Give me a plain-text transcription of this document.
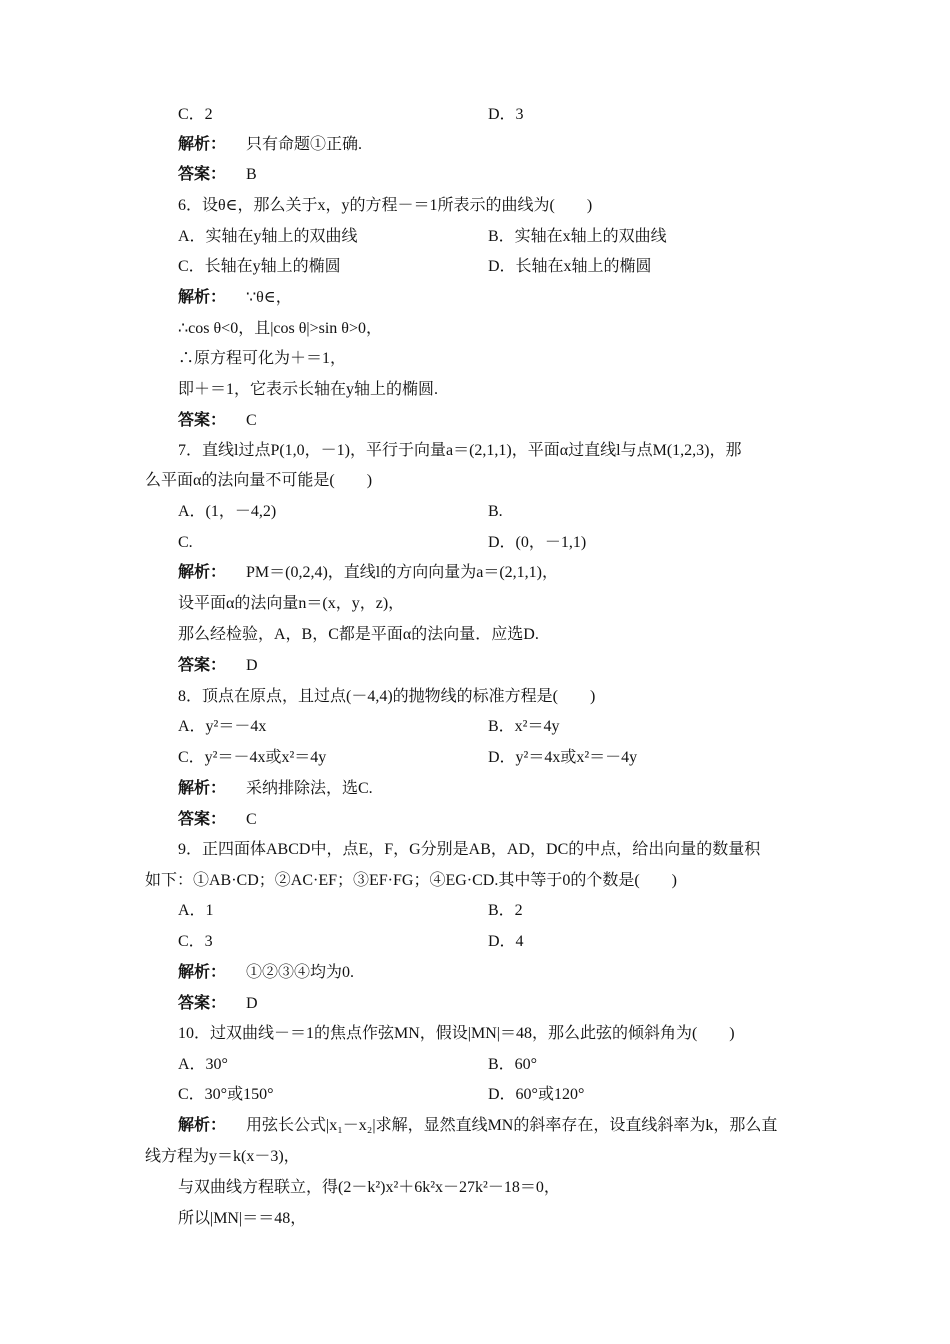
C．2	D．3
解析： 只有命题①正确.
答案： B
6．设θ∈，那么关于x，y的方程－＝1所表示的曲线为(　　)
A．实轴在y轴上的双曲线	B．实轴在x轴上的双曲线
C．长轴在y轴上的椭圆	D．长轴在x轴上的椭圆
解析： ∵θ∈，
∴cos θ<0，且|cos θ|>sin θ>0，
∴原方程可化为＋＝1，
即＋＝1，它表示长轴在y轴上的椭圆.
答案： C
7．直线l过点P(1,0，－1)，平行于向量a＝(2,1,1)，平面α过直线l与点M(1,2,3)，那
么平面α的法向量不可能是(　　)
A．(1，－4,2)	B.
C.	D．(0，－1,1)
解析： PM＝(0,2,4)，直线l的方向向量为a＝(2,1,1)，
设平面α的法向量n＝(x，y，z)，
那么经检验，A，B，C都是平面α的法向量．应选D.
答案： D
8．顶点在原点，且过点(－4,4)的抛物线的标准方程是(　　)
A．y²＝－4x	B．x²＝4y
C．y²＝－4x或x²＝4y	D．y²＝4x或x²＝－4y
解析： 采纳排除法，选C.
答案： C
9．正四面体ABCD中，点E，F，G分别是AB，AD，DC的中点，给出向量的数量积
如下：①AB·CD；②AC·EF；③EF·FG；④EG·CD.其中等于0的个数是(　　)
A．1	B．2
C．3	D．4
解析： ①②③④均为0.
答案： D
10．过双曲线－＝1的焦点作弦MN，假设|MN|＝48，那么此弦的倾斜角为(　　)
A．30°	B．60°
C．30°或150°	D．60°或120°
解析： 用弦长公式|x₁－x₂|求解，显然直线MN的斜率存在，设直线斜率为k，那么直
线方程为y＝k(x－3)，
与双曲线方程联立，得(2－k²)x²＋6k²x－27k²－18＝0，
所以|MN|＝＝48，
